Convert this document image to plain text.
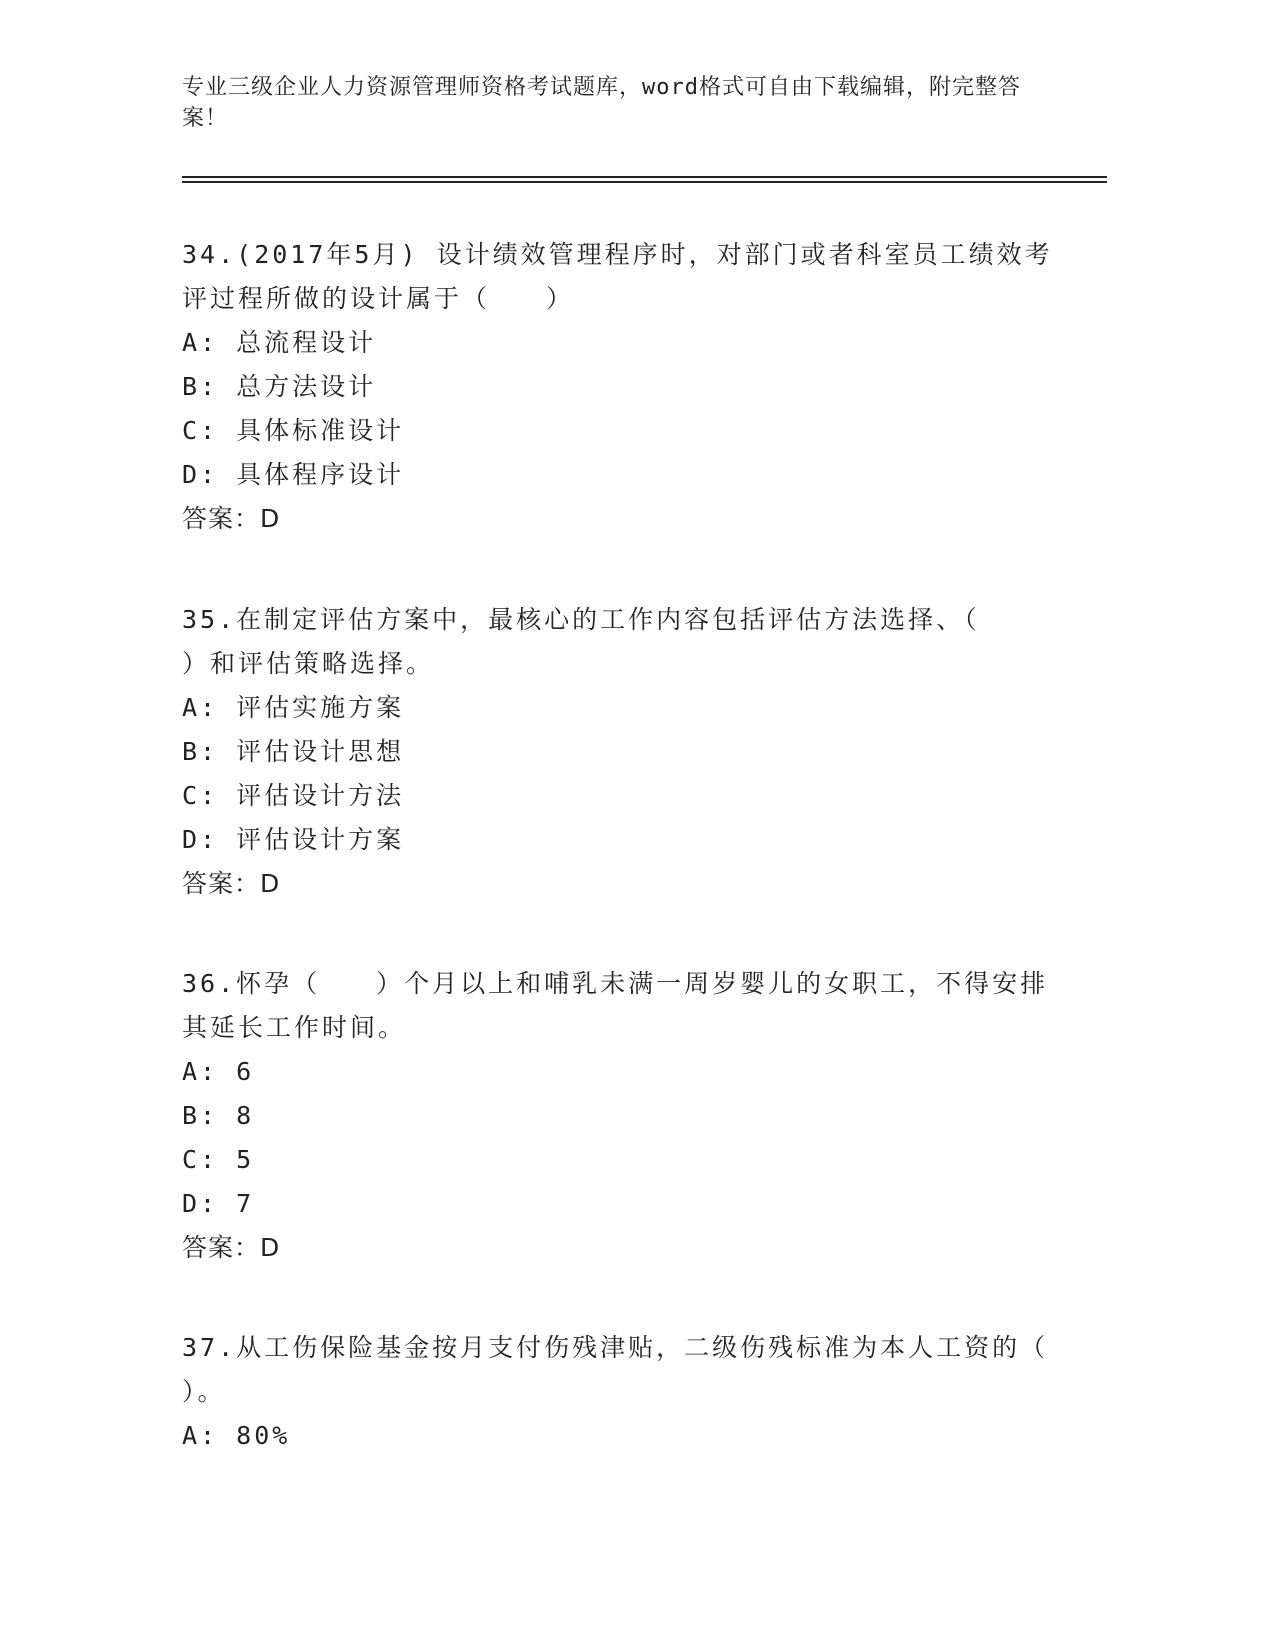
专业三级企业人力资源管理师资格考试题库，word格式可自由下载编辑，附完整答案！

34.(2017年5月) 设计绩效管理程序时，对部门或者科室员工绩效考

评过程所做的设计属于（　　）

A: 总流程设计

B: 总方法设计

C: 具体标准设计

D: 具体程序设计

答案：D

35.在制定评估方案中，最核心的工作内容包括评估方法选择、（

）和评估策略选择。

A: 评估实施方案

B: 评估设计思想

C: 评估设计方法

D: 评估设计方案

答案：D

36.怀孕（　　）个月以上和哺乳未满一周岁婴儿的女职工，不得安排

其延长工作时间。

A: 6

B: 8

C: 5

D: 7

答案：D

37.从工伤保险基金按月支付伤残津贴，二级伤残标准为本人工资的（

）。

A: 80%
